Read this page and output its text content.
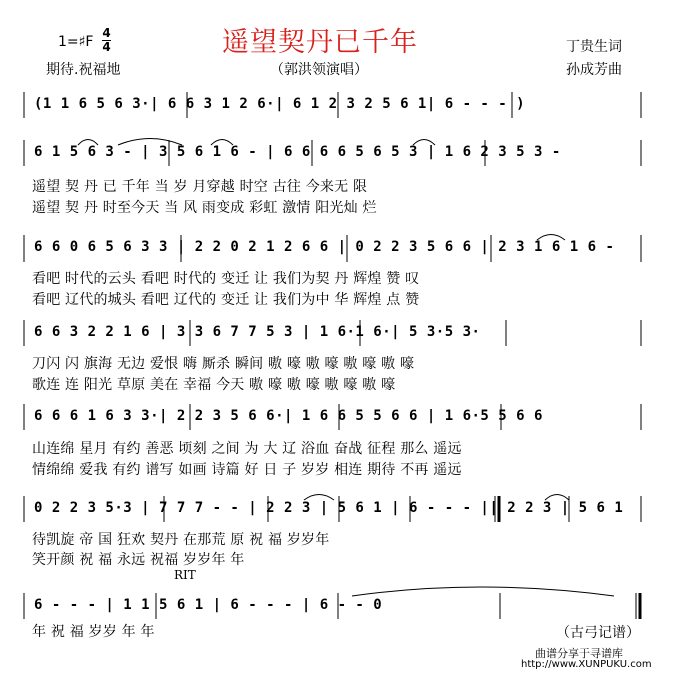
1=♯F
4
4	遥望契丹已千年
期待.祝福地	（郭洪领演唱）
丁贵生词
孙成芳曲
(1 1 6 5 6 3·| 6 6 3 1 2 6·| 6 1 2 3 2 5 6 1| 6 - - - )
6 1 5 6 3 - | 3 5 6 1 6 - | 6 6 6 6 5 6 5 3 | 1 6 2 3 5 3 -
遥望 契 丹 已 千年 当 岁 月穿越 时空 古往 今来无 限
遥望 契 丹 时至今天 当 风 雨变成 彩虹 激情 阳光灿 烂
6 6 0 6 5 6 3 3 | 2 2 0 2 1 2 6 6 | 0 2 2 3 5 6 6 | 2 3 1 6 1 6 -
看吧 时代的云头 看吧 时代的 变迁 让 我们为契 丹 辉煌 赞 叹
看吧 辽代的城头 看吧 辽代的 变迁 让 我们为中 华 辉煌 点 赞
6 6 3 2 2 1 6 | 3 3 6 7 7 5 3 | 1 6·1 6·| 5 3·5 3·
刀闪 闪 旗海 无边 爱恨 嗨 厮杀 瞬间 嗷 嚎 嗷 嚎 嗷 嚎 嗷 嚎
歌连 连 阳光 草原 美在 幸福 今天 嗷 嚎 嗷 嚎 嗷 嚎 嗷 嚎
6 6 6 1 6 3 3·| 2 2 3 5 6 6·| 1 6 6 5 5 6 6 | 1 6·5 5 6 6
山连绵 星月 有约 善恶 顷刻 之间 为 大 辽 浴血 奋战 征程 那么 遥远
情绵绵 爱我 有约 谱写 如画 诗篇 好 日 子 岁岁 相连 期待 不再 遥远
0 2 2 3 5·3 | 7 7 7 - - | 2 2 3 | 5 6 1 | 6 - - - || 2 2 3 | 5 6 1
待凯旋 帝 国 狂欢 契丹 在那荒 原 祝 福 岁岁年
笑开颜 祝 福 永远 祝福 岁岁年 年
RIT
6 - - - | 1 1 5 6 1 | 6 - - - | 6 - - 0
年 祝 福 岁岁 年 年	（古弓记谱）
曲谱分享于寻谱库
http://www.XUNPUKU.com
